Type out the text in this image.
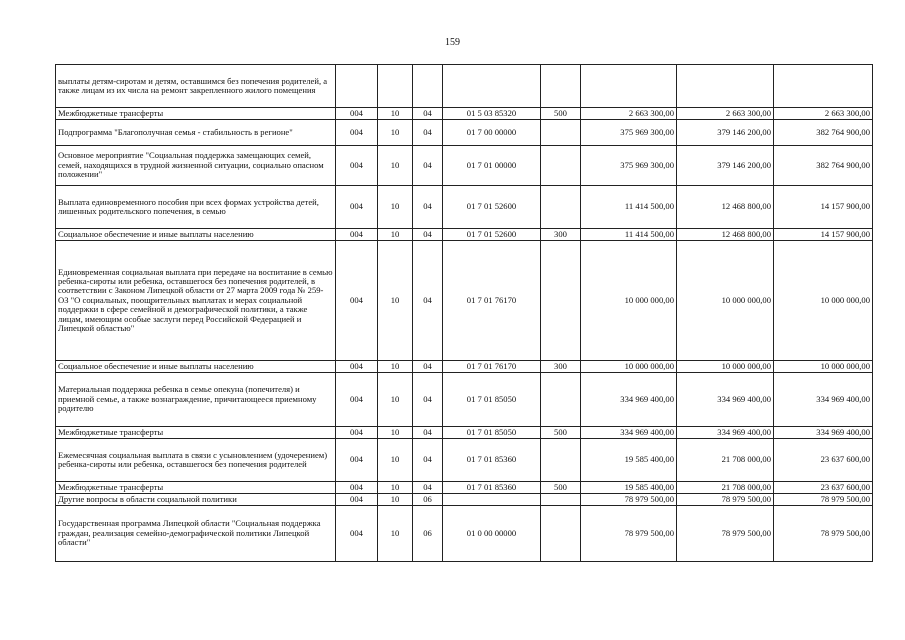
159
выплаты детям-сиротам и детям, оставшимся без попечения родителей, а также лицам из их числа на ремонт закрепленного жилого помещения								
Межбюджетные трансферты	004	10	04	01 5 03 85320	500	2 663 300,00	2 663 300,00	2 663 300,00
Подпрограмма "Благополучная семья - стабильность в регионе"	004	10	04	01 7 00 00000		375 969 300,00	379 146 200,00	382 764 900,00
Основное мероприятие "Социальная поддержка замещающих семей, семей, находящихся в трудной жизненной ситуации, социально опасном положении"	004	10	04	01 7 01 00000		375 969 300,00	379 146 200,00	382 764 900,00
Выплата единовременного пособия при всех формах устройства детей, лишенных родительского попечения, в семью	004	10	04	01 7 01 52600		11 414 500,00	12 468 800,00	14 157 900,00
Социальное обеспечение и иные выплаты населению	004	10	04	01 7 01 52600	300	11 414 500,00	12 468 800,00	14 157 900,00
Единовременная социальная выплата при передаче на воспитание в семью ребенка-сироты или ребенка, оставшегося без попечения родителей, в соответствии с Законом Липецкой области от 27 марта 2009 года № 259-ОЗ "О социальных, поощрительных выплатах и мерах социальной поддержки в сфере семейной и демографической политики, а также лицам, имеющим особые заслуги перед Российской Федерацией и Липецкой областью"	004	10	04	01 7 01 76170		10 000 000,00	10 000 000,00	10 000 000,00
Социальное обеспечение и иные выплаты населению	004	10	04	01 7 01 76170	300	10 000 000,00	10 000 000,00	10 000 000,00
Материальная поддержка ребенка в семье опекуна (попечителя) и приемной семье, а также вознаграждение, причитающееся приемному родителю	004	10	04	01 7 01 85050		334 969 400,00	334 969 400,00	334 969 400,00
Межбюджетные трансферты	004	10	04	01 7 01 85050	500	334 969 400,00	334 969 400,00	334 969 400,00
Ежемесячная социальная выплата в связи с усыновлением (удочерением) ребенка-сироты или ребенка, оставшегося без попечения родителей	004	10	04	01 7 01 85360		19 585 400,00	21 708 000,00	23 637 600,00
Межбюджетные трансферты	004	10	04	01 7 01 85360	500	19 585 400,00	21 708 000,00	23 637 600,00
Другие вопросы в области социальной политики	004	10	06			78 979 500,00	78 979 500,00	78 979 500,00
Государственная программа Липецкой области "Социальная поддержка граждан, реализация семейно-демографической политики Липецкой области"	004	10	06	01 0 00 00000		78 979 500,00	78 979 500,00	78 979 500,00
